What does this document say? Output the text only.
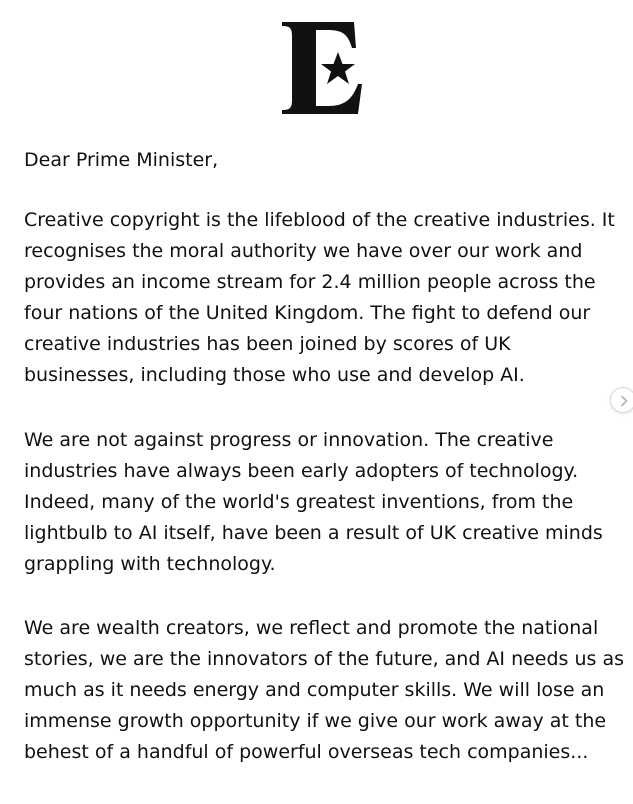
Dear Prime Minister,

Creative copyright is the lifeblood of the creative industries. It
recognises the moral authority we have over our work and
provides an income stream for 2.4 million people across the
four nations of the United Kingdom. The fight to defend our
creative industries has been joined by scores of UK
businesses, including those who use and develop AI.

We are not against progress or innovation. The creative
industries have always been early adopters of technology.
Indeed, many of the world's greatest inventions, from the
lightbulb to AI itself, have been a result of UK creative minds
grappling with technology.

We are wealth creators, we reflect and promote the national
stories, we are the innovators of the future, and AI needs us as
much as it needs energy and computer skills. We will lose an
immense growth opportunity if we give our work away at the
behest of a handful of powerful overseas tech companies...
